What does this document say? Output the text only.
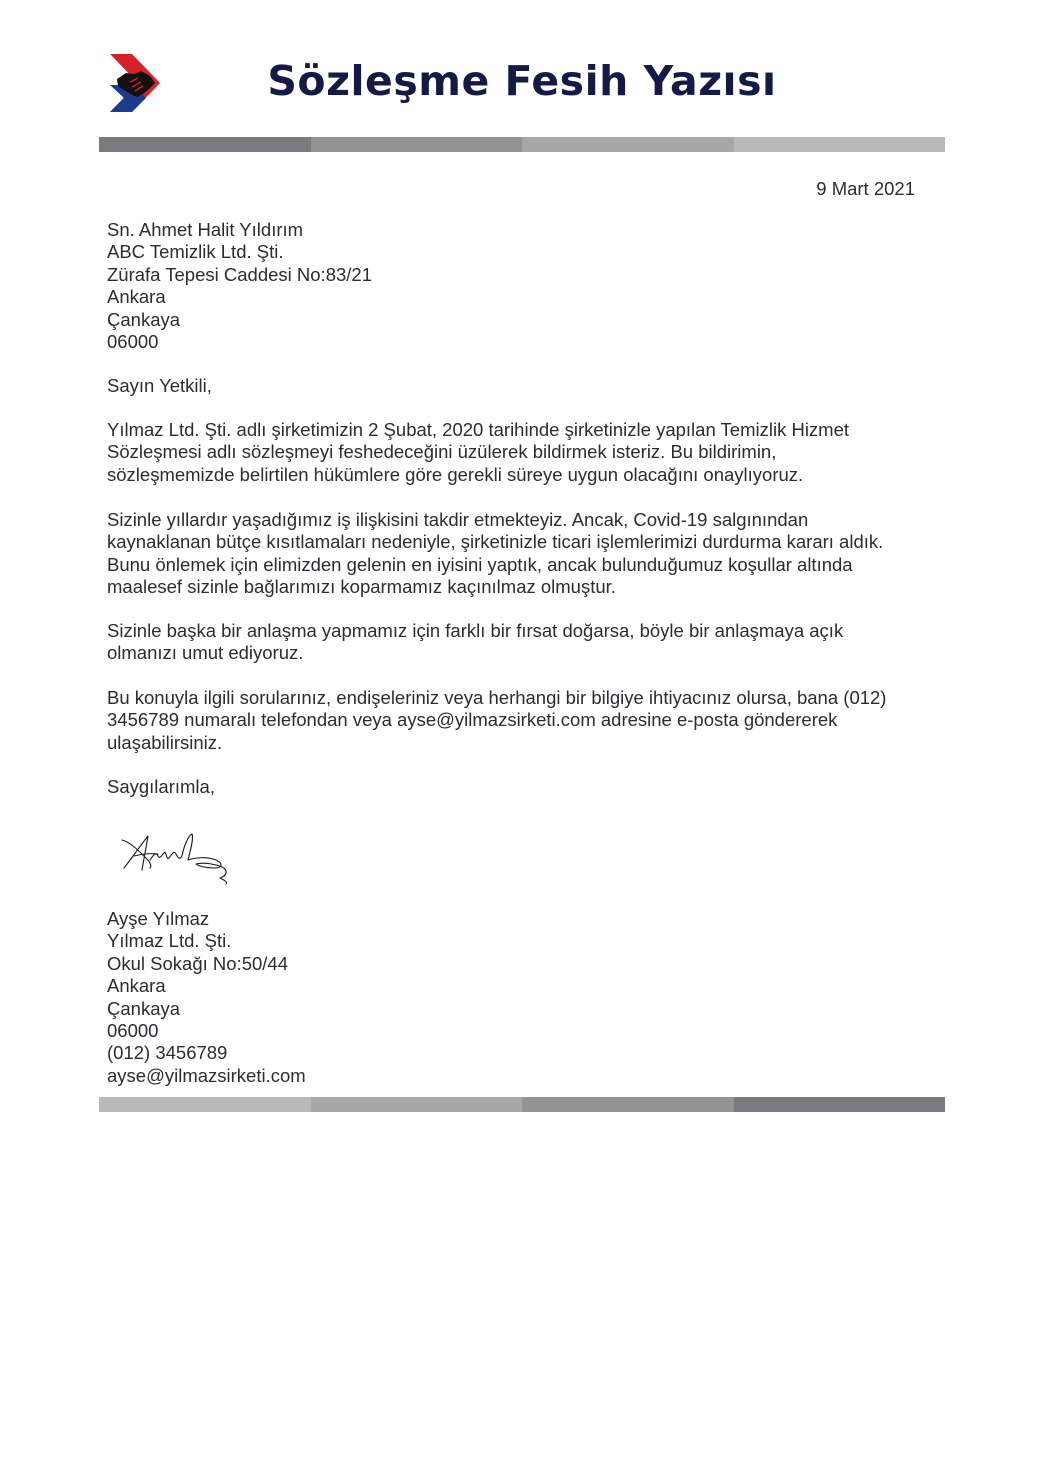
Sözleşme Fesih Yazısı
9 Mart 2021
Sn. Ahmet Halit Yıldırım
ABC Temizlik Ltd. Şti.
Zürafa Tepesi Caddesi No:83/21
Ankara
Çankaya
06000
Sayın Yetkili,
Yılmaz Ltd. Şti. adlı şirketimizin 2 Şubat, 2020 tarihinde şirketinizle yapılan Temizlik Hizmet
Sözleşmesi adlı sözleşmeyi feshedeceğini üzülerek bildirmek isteriz. Bu bildirimin,
sözleşmemizde belirtilen hükümlere göre gerekli süreye uygun olacağını onaylıyoruz.
Sizinle yıllardır yaşadığımız iş ilişkisini takdir etmekteyiz. Ancak, Covid-19 salgınından
kaynaklanan bütçe kısıtlamaları nedeniyle, şirketinizle ticari işlemlerimizi durdurma kararı aldık.
Bunu önlemek için elimizden gelenin en iyisini yaptık, ancak bulunduğumuz koşullar altında
maalesef sizinle bağlarımızı koparmamız kaçınılmaz olmuştur.
Sizinle başka bir anlaşma yapmamız için farklı bir fırsat doğarsa, böyle bir anlaşmaya açık
olmanızı umut ediyoruz.
Bu konuyla ilgili sorularınız, endişeleriniz veya herhangi bir bilgiye ihtiyacınız olursa, bana (012)
3456789 numaralı telefondan veya ayse@yilmazsirketi.com adresine e-posta göndererek
ulaşabilirsiniz.
Saygılarımla,
Ayşe Yılmaz
Yılmaz Ltd. Şti.
Okul Sokağı No:50/44
Ankara
Çankaya
06000
(012) 3456789
ayse@yilmazsirketi.com
